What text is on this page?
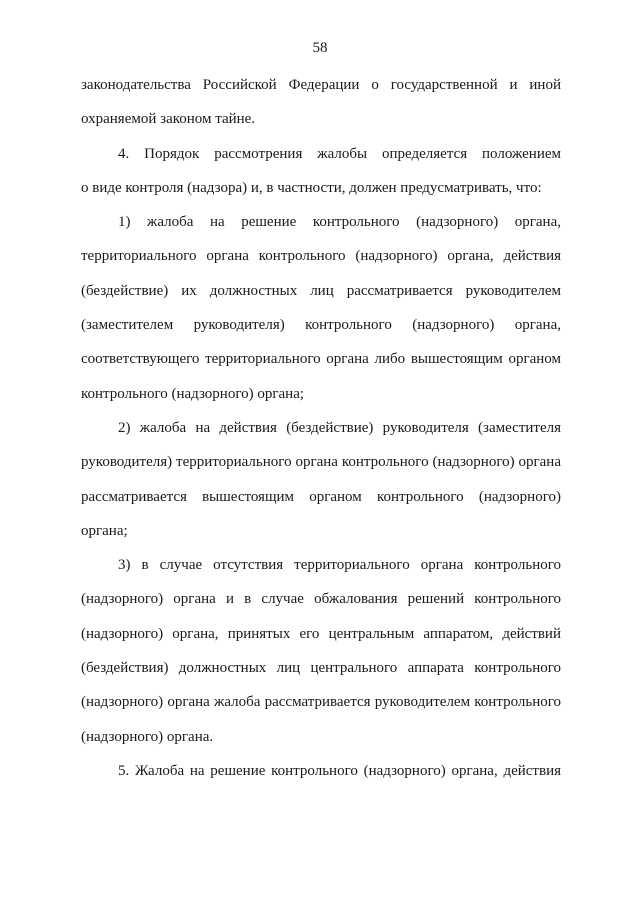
58
законодательства Российской Федерации о государственной и иной
охраняемой законом тайне.
4. Порядок рассмотрения жалобы определяется положением
о виде контроля (надзора) и, в частности, должен предусматривать, что:
1) жалоба на решение контрольного (надзорного) органа,
территориального органа контрольного (надзорного) органа, действия
(бездействие) их должностных лиц рассматривается руководителем
(заместителем руководителя) контрольного (надзорного) органа,
соответствующего территориального органа либо вышестоящим органом
контрольного (надзорного) органа;
2) жалоба на действия (бездействие) руководителя (заместителя
руководителя) территориального органа контрольного (надзорного) органа
рассматривается вышестоящим органом контрольного (надзорного)
органа;
3) в случае отсутствия территориального органа контрольного
(надзорного) органа и в случае обжалования решений контрольного
(надзорного) органа, принятых его центральным аппаратом, действий
(бездействия) должностных лиц центрального аппарата контрольного
(надзорного) органа жалоба рассматривается руководителем контрольного
(надзорного) органа.
5. Жалоба на решение контрольного (надзорного) органа, действия
